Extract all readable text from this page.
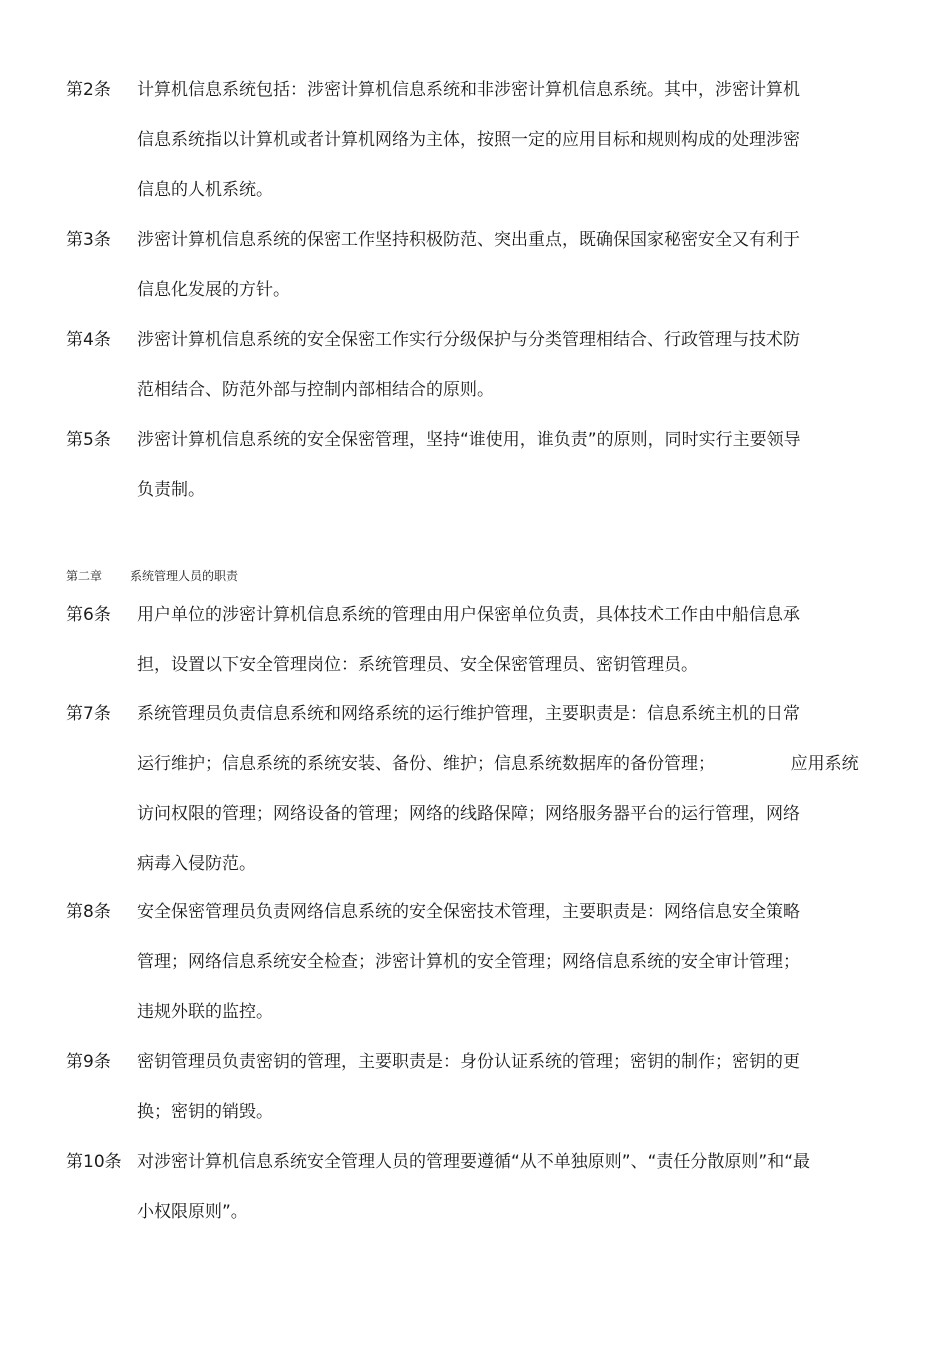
第2条 计算机信息系统包括：涉密计算机信息系统和非涉密计算机信息系统。其中，涉密计算机
信息系统指以计算机或者计算机网络为主体，按照一定的应用目标和规则构成的处理涉密
信息的人机系统。
第3条 涉密计算机信息系统的保密工作坚持积极防范、突出重点，既确保国家秘密安全又有利于
信息化发展的方针。
第4条 涉密计算机信息系统的安全保密工作实行分级保护与分类管理相结合、行政管理与技术防
范相结合、防范外部与控制内部相结合的原则。
第5条 涉密计算机信息系统的安全保密管理，坚持“谁使用，谁负责”的原则，同时实行主要领导
负责制。
第二章 系统管理人员的职责
第6条 用户单位的涉密计算机信息系统的管理由用户保密单位负责，具体技术工作由中船信息承
担，设置以下安全管理岗位：系统管理员、安全保密管理员、密钥管理员。
第7条 系统管理员负责信息系统和网络系统的运行维护管理，主要职责是：信息系统主机的日常
运行维护；信息系统的系统安装、备份、维护；信息系统数据库的备份管理；              应用系统
访问权限的管理；网络设备的管理；网络的线路保障；网络服务器平台的运行管理，网络
病毒入侵防范。
第8条 安全保密管理员负责网络信息系统的安全保密技术管理，主要职责是：网络信息安全策略
管理；网络信息系统安全检查；涉密计算机的安全管理；网络信息系统的安全审计管理；
违规外联的监控。
第9条 密钥管理员负责密钥的管理，主要职责是：身份认证系统的管理；密钥的制作；密钥的更
换；密钥的销毁。
第10条 对涉密计算机信息系统安全管理人员的管理要遵循“从不单独原则”、“责任分散原则”和“最
小权限原则”。
